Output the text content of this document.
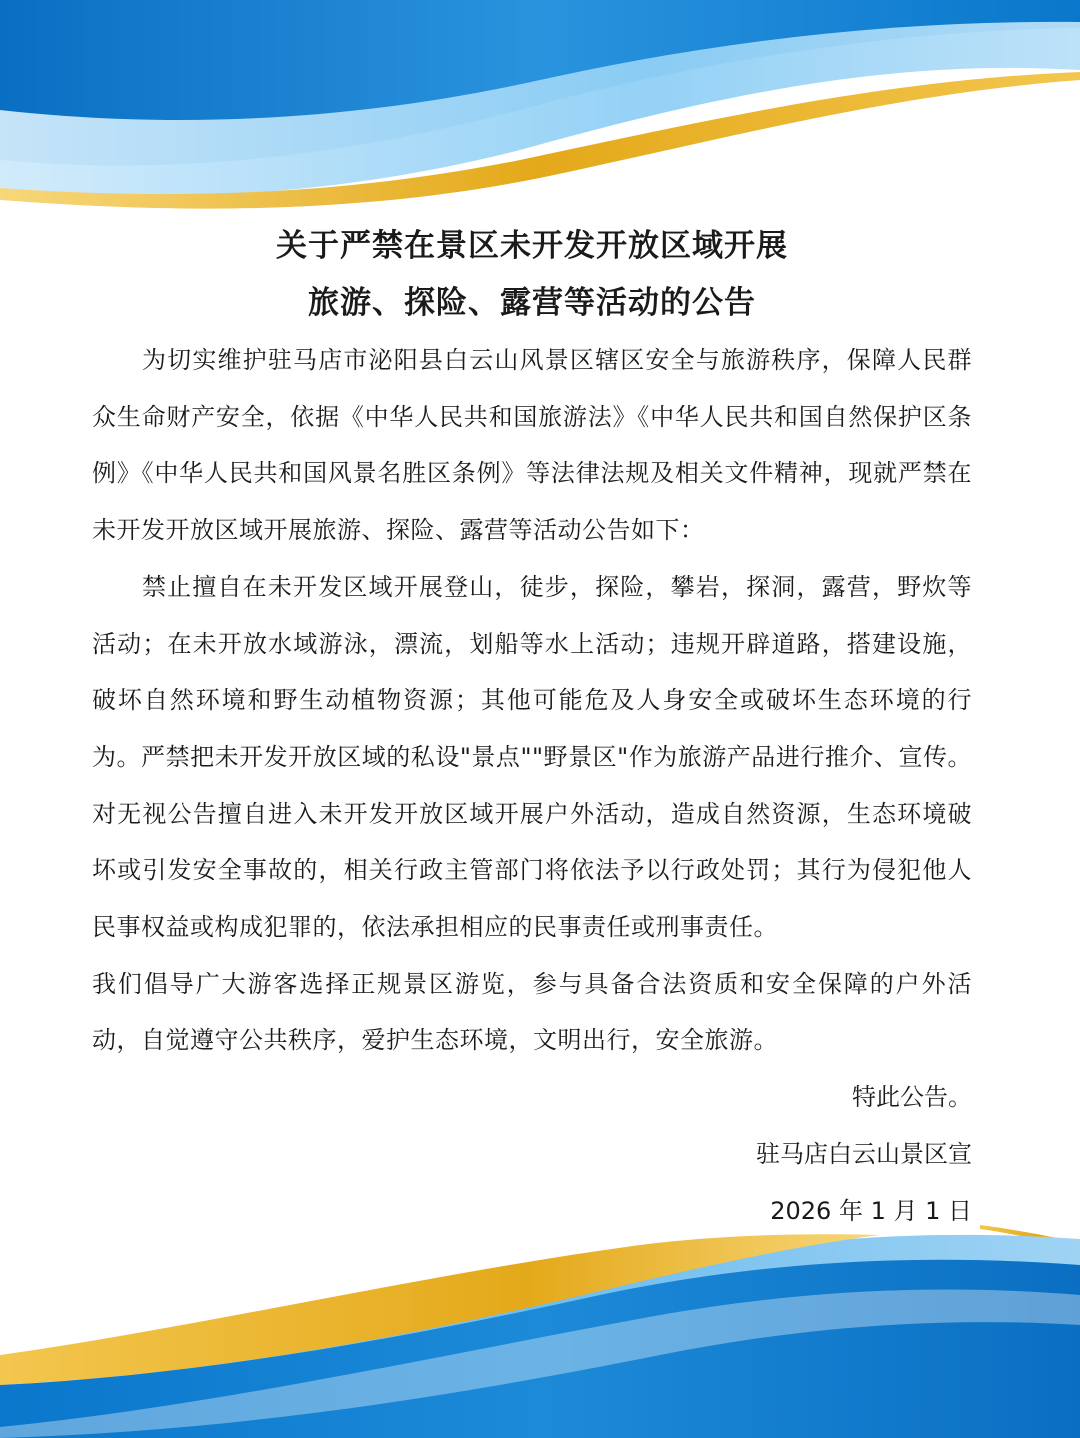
关于严禁在景区未开发开放区域开展
旅游、探险、露营等活动的公告

为切实维护驻马店市泌阳县白云山风景区辖区安全与旅游秩序，保障人民群众生命财产安全，依据《中华人民共和国旅游法》《中华人民共和国自然保护区条例》《中华人民共和国风景名胜区条例》等法律法规及相关文件精神，现就严禁在未开发开放区域开展旅游、探险、露营等活动公告如下：

禁止擅自在未开发区域开展登山，徒步，探险，攀岩，探洞，露营，野炊等活动；在未开放水域游泳，漂流，划船等水上活动；违规开辟道路，搭建设施，破坏自然环境和野生动植物资源；其他可能危及人身安全或破坏生态环境的行为。严禁把未开发开放区域的私设"景点""野景区"作为旅游产品进行推介、宣传。对无视公告擅自进入未开发开放区域开展户外活动，造成自然资源，生态环境破坏或引发安全事故的，相关行政主管部门将依法予以行政处罚；其行为侵犯他人民事权益或构成犯罪的，依法承担相应的民事责任或刑事责任。

我们倡导广大游客选择正规景区游览，参与具备合法资质和安全保障的户外活动，自觉遵守公共秩序，爱护生态环境，文明出行，安全旅游。

特此公告。

驻马店白云山景区宣

2026 年 1 月 1 日
